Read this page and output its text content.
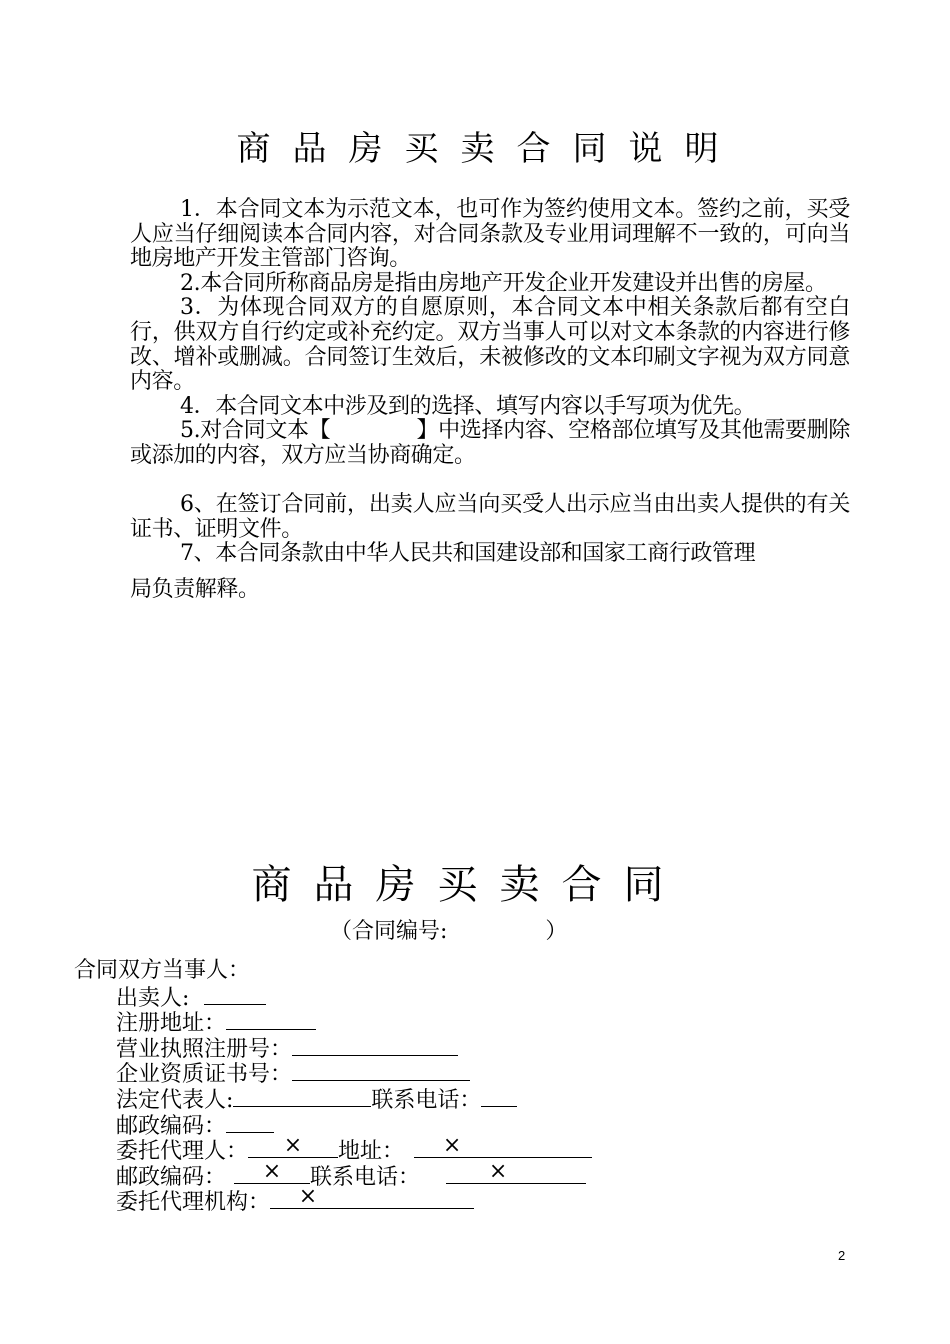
商品房买卖合同说明

1．本合同文本为示范文本，也可作为签约使用文本。签约之前，买受人应当仔细阅读本合同内容，对合同条款及专业用词理解不一致的，可向当地房地产开发主管部门咨询。

2.本合同所称商品房是指由房地产开发企业开发建设并出售的房屋。

3．为体现合同双方的自愿原则，本合同文本中相关条款后都有空白行，供双方自行约定或补充约定。双方当事人可以对文本条款的内容进行修改、增补或删减。合同签订生效后，未被修改的文本印刷文字视为双方同意内容。

4．本合同文本中涉及到的选择、填写内容以手写项为优先。

5.对合同文本【	】中选择内容、空格部位填写及其他需要删除或添加的内容，双方应当协商确定。

6、在签订合同前，出卖人应当向买受人出示应当由出卖人提供的有关证书、证明文件。

7、本合同条款由中华人民共和国建设部和国家工商行政管理
局负责解释。

商品房买卖合同
（合同编号:              ）
合同双方当事人：
出卖人:
注册地址：
营业执照注册号：
企业资质证书号：
法定代表人:	联系电话：
邮政编码：
委托代理人：	×	地址：	×
邮政编码：	×	联系电话：	×
委托代理机构：	×
2
